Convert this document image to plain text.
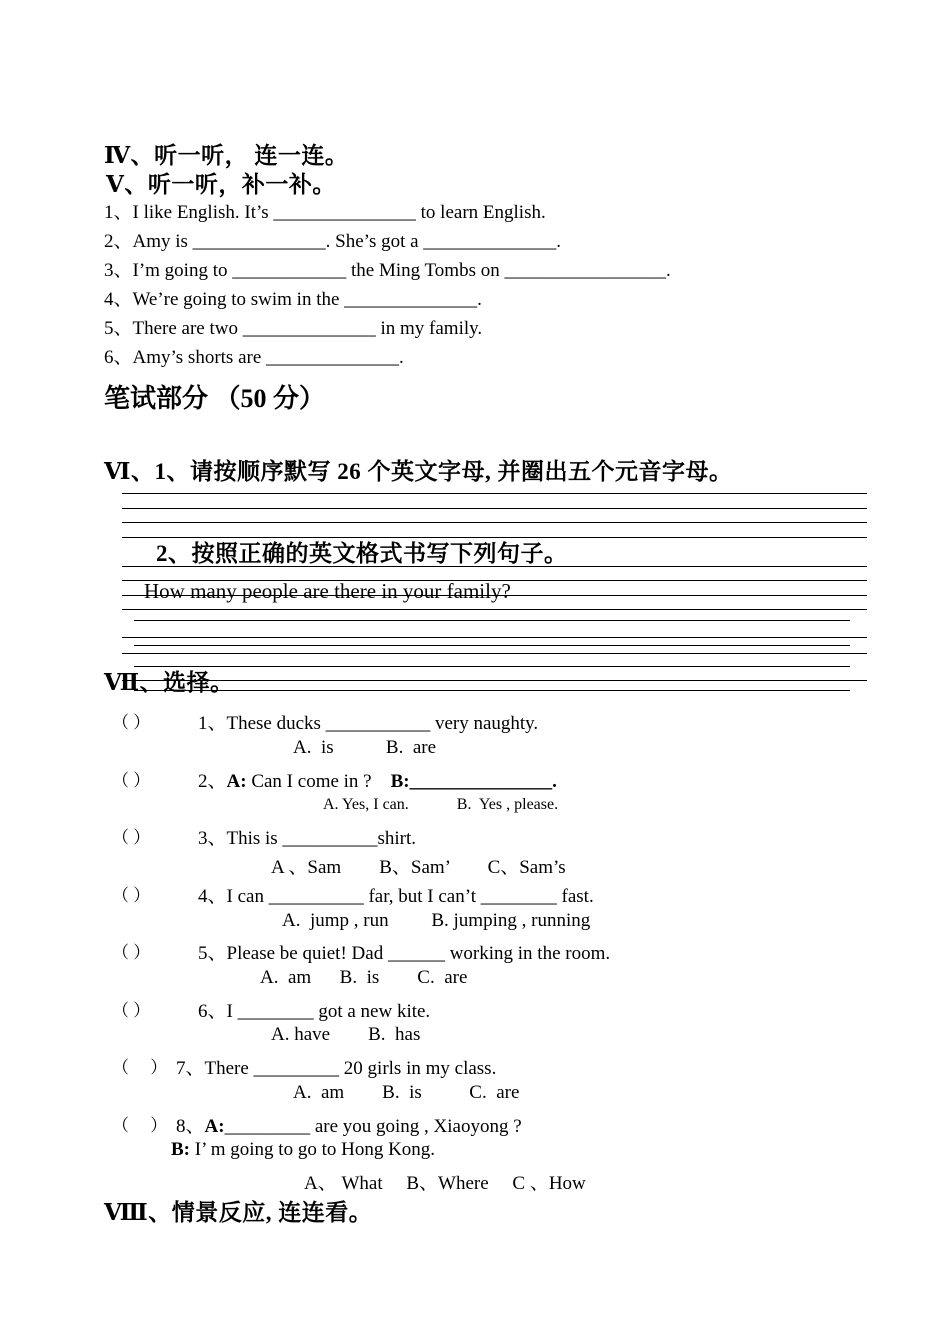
Ⅳ、听一听， 连一连。
Ⅴ、听一听，补一补。
1、I like English. It’s _______________ to learn English.
2、Amy is ______________. She’s got a ______________.
3、I’m going to ____________ the Ming Tombs on _________________.
4、We’re going to swim in the ______________.
5、There are two ______________ in my family.
6、Amy’s shorts are ______________.
笔试部分 （50 分）
Ⅵ、1、请按顺序默写 26 个英文字母, 并圈出五个元音字母。
2、按照正确的英文格式书写下列句子。
How many people are there in your family?
Ⅶ、选择。
（ ）	1、These ducks ___________ very naughty.
A.  is           B.  are
（ ）	2、A: Can I come in ?    B:_______________.
A. Yes, I can.            B.  Yes , please.
（ ）	3、This is __________shirt.
A 、Sam        B、Sam’        C、Sam’s
（ ）	4、I can __________ far, but I can’t ________ fast.
A.  jump , run         B. jumping , running
（ ）	5、Please be quiet! Dad ______ working in the room.
A.  am      B.  is        C.  are
（ ）	6、I ________ got a new kite.
A. have        B.  has
（     ） 7、There _________ 20 girls in my class.
A.  am        B.  is          C.  are
（     ） 8、A:_________ are you going , Xiaoyong ?
B: I’ m going to go to Hong Kong.
A、 What     B、Where     C 、How
Ⅷ、情景反应, 连连看。
